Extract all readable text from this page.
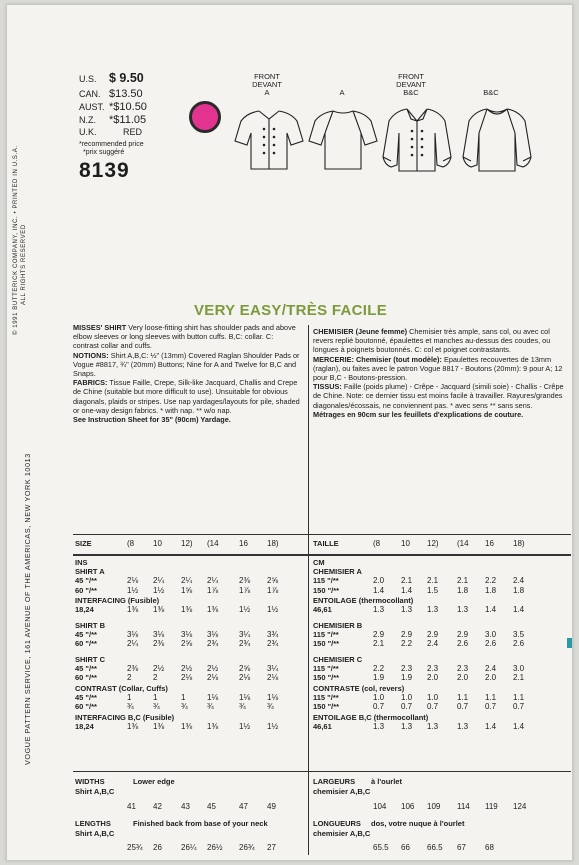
VOGUE PATTERN SERVICE, 161 AVENUE OF THE AMERICAS, NEW YORK 10013
© 1991 BUTTERICK COMPANY, INC. • PRINTED IN U.S.A. ALL RIGHTS RESERVED
U.S. $ 9.50
CAN. $13.50
AUST. *$10.50
N.Z.	*$11.05
U.K.	RED
*recommended price
*prix suggéré
8139
FRONT
DEVANT
A	A
FRONT
DEVANT
B&C	B&C
VERY EASY/TRÈS FACILE

MISSES' SHIRT Very loose-fitting shirt has shoulder pads and above elbow sleeves or long sleeves with button cuffs. B,C: collar. C: contrast collar and cuffs.

NOTIONS: Shirt A,B,C: ½" (13mm) Covered Raglan Shoulder Pads or Vogue #8817, ¾" (20mm) Buttons; Nine for A and Twelve for B,C and Snaps.

FABRICS: Tissue Faille, Crepe, Silk-like Jacquard, Challis and Crepe de Chine (suitable but more difficult to use). Unsuitable for obvious diagonals, plaids or stripes. Use nap yardages/layouts for pile, shaded or one-way design fabrics. * with nap. ** w/o nap.

See Instruction Sheet for 35" (90cm) Yardage.

CHEMISIER (Jeune femme) Chemisier très ample, sans col, ou avec col revers replié boutonné, épaulettes et manches au-dessus des coudes, ou longues à poignets boutonnés. C: col et poignet contrastants.

MERCERIE: Chemisier (tout modèle): Epaulettes recouvertes de 13mm (raglan), ou faites avec le patron Vogue 8817 - Boutons (20mm): 9 pour A; 12 pour B,C - Boutons-pression.

TISSUS: Faille (poids plume) - Crêpe - Jacquard (simili soie) - Challis - Crêpe de Chine. Note: ce dernier tissu est moins facile à travailler. Rayures/grandes diagonales/écossais, ne conviennent pas. * avec sens ** sans sens.

Métrages en 90cm sur les feuillets d'explications de couture.

SIZE	(8 10 12) (14	16 18)
INS
SHIRT A
45 "/**	2⅛ 2¼ 2¼ 2¼	2⅜ 2⅝
60 "/**	1½ 1½ 1⅝ 1⅞	1⅞ 1⅞
INTERFACING (Fusible)
18,24	1⅜ 1⅜ 1⅜ 1⅜	1½ 1½
SHIRT B
45 "/**	3⅛ 3⅛ 3⅛ 3⅛	3¼ 3¾
60 "/**	2¼ 2⅜ 2⅝ 2¾	2¾ 2¾
SHIRT C
45 "/**	2⅜ 2½ 2½ 2½	2⅝ 3¼
60 "/**	2	2	2⅛ 2⅛	2⅛ 2⅛
CONTRAST (Collar, Cuffs)
45 "/**	1	1	1	1⅛	1⅛ 1⅛
60 "/**	¾ ¾	¾ ¾	¾	¾
INTERFACING B,C (Fusible)
18,24	1⅜ 1⅜ 1⅜ 1⅜	1½ 1½
WIDTHS	Lower edge
Shirt A,B,C
41 42 43 45	47 49
LENGTHS	Finished back from base of your neck
Shirt A,B,C
25¾ 26 26¼ 26½ 26¾ 27
TAILLE	(8	10 12) (14 16 18)
CM
CHEMISIER A
115 "/**	2.0 2.1 2.1 2.1 2.2 2.4
150 "/**	1.4 1.4 1.5 1.8 1.8 1.8
ENTOILAGE (thermocollant)
46,61	1.3 1.3 1.3 1.3 1.4 1.4
CHEMISIER B
115 "/**	2.9 2.9 2.9 2.9 3.0 3.5
150 "/**	2.1 2.2 2.4 2.6 2.6 2.6
CHEMISIER C
115 "/**	2.2 2.3 2.3 2.3 2.4 3.0
150 "/**	1.9 1.9 2.0 2.0 2.0 2.1
CONTRASTE (col, revers)
115 "/**	1.0 1.0 1.0 1.1 1.1 1.1
150 "/**	0.7 0.7 0.7 0.7 0.7 0.7
ENTOILAGE B,C (thermocollant)
46,61	1.3 1.3 1.3 1.3 1.4 1.4
LARGEURS à l'ourlet
chemisier A,B,C
104 106 109 114 119 124
LONGUEURS dos, votre nuque à l'ourlet
chemisier A,B,C
65.5 66 66.5 67 68
